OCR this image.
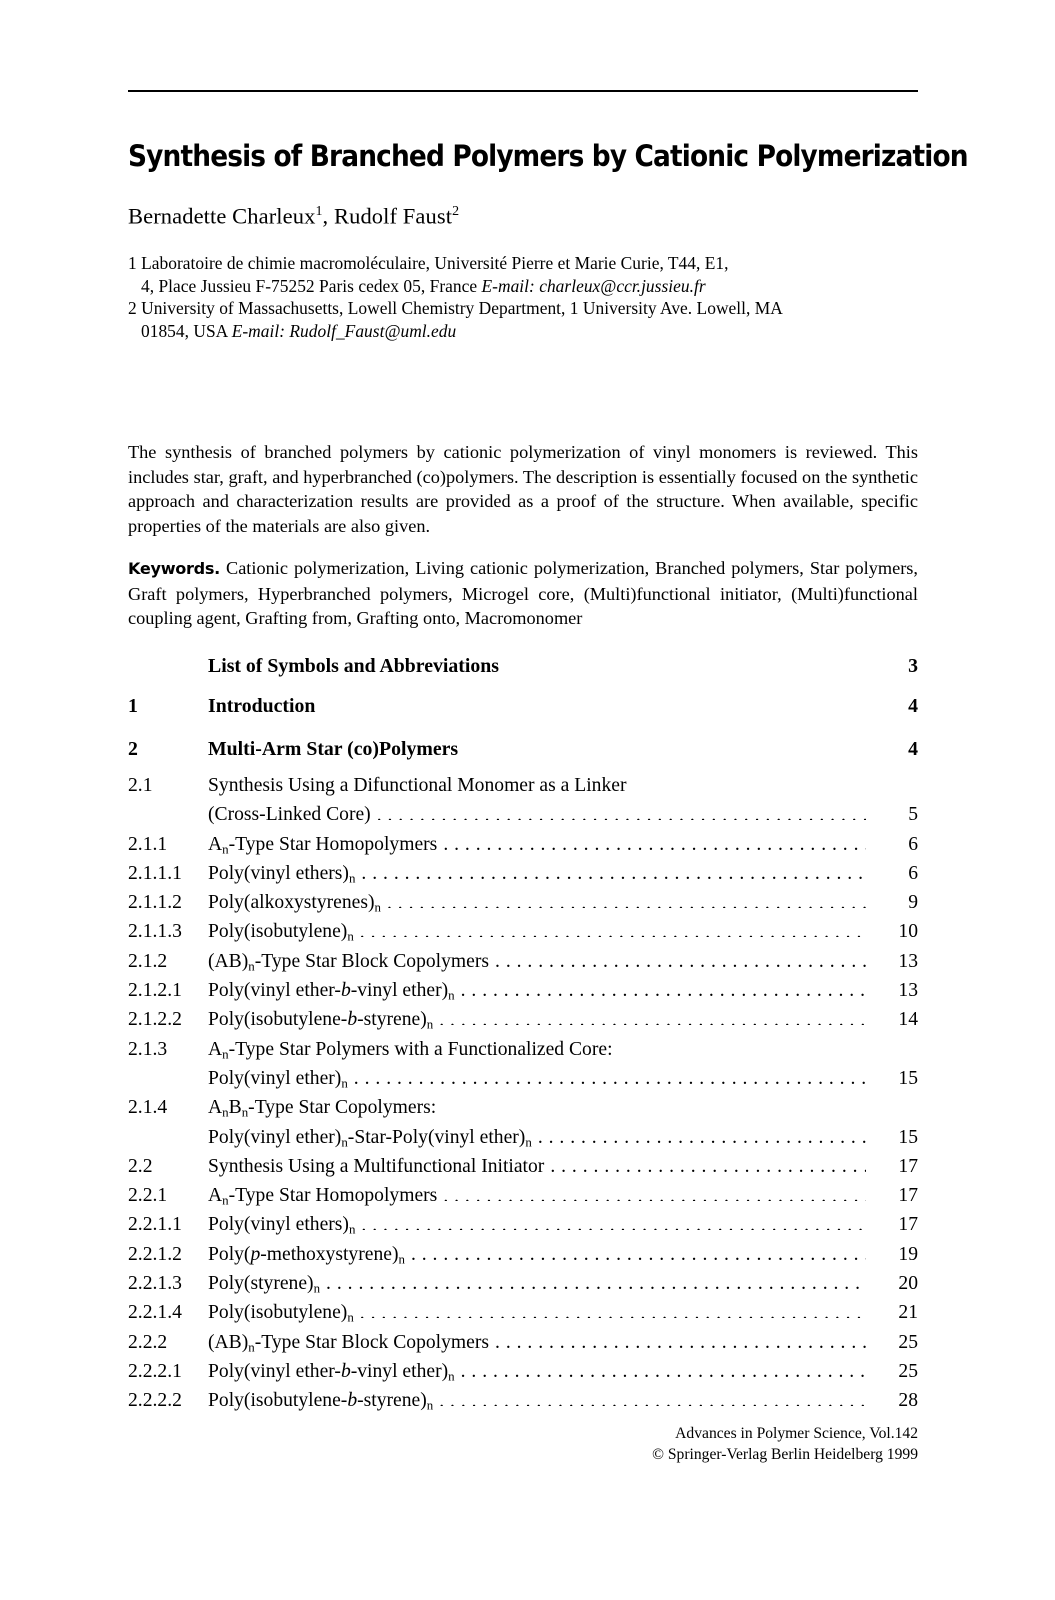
Synthesis of Branched Polymers by Cationic Polymerization
Bernadette Charleux$^1$, Rudolf Faust$^2$
1 Laboratoire de chimie macromoléculaire, Université Pierre et Marie Curie, T44, E1,
4, Place Jussieu F-75252 Paris cedex 05, France E-mail: charleux@ccr.jussieu.fr
2 University of Massachusetts, Lowell Chemistry Department, 1 University Ave. Lowell, MA
01854, USA E-mail: Rudolf_Faust@uml.edu
The synthesis of branched polymers by cationic polymerization of vinyl monomers is reviewed. This includes star, graft, and hyperbranched (co)polymers. The description is essentially focused on the synthetic approach and characterization results are provided as a proof of the structure. When available, specific properties of the materials are also given.
Keywords. Cationic polymerization, Living cationic polymerization, Branched polymers, Star polymers, Graft polymers, Hyperbranched polymers, Microgel core, (Multi)functional initiator, (Multi)functional coupling agent, Grafting from, Grafting onto, Macromonomer
List of Symbols and Abbreviations . . .	3
1	Introduction . . .	4
2	Multi-Arm Star (co)Polymers . . .	4
2.1	Synthesis Using a Difunctional Monomer as a Linker
(Cross-Linked Core) . . .	5
2.1.1	$A_n$-Type Star Homopolymers . . .	6
2.1.1.1	Poly(vinyl $ethers)_n$ . . .	6
2.1.1.2	$Poly(alkoxystyrenes)_n$ . . .	9
2.1.1.3	$Poly(isobutylene)_n$ . . .	10
2.1.2	$(AB)_n$-Type Star Block Copolymers . . .	13
2.1.2.1	Poly(vinyl ether-b-vinyl $ether)_n$ . . .	13
2.1.2.2	$Poly(isobutylene-b-styrene)_n$ . . .	14
2.1.3	$A_n$-Type Star Polymers with a Functionalized Core:
Poly(vinyl $ether)_n$ . . .	15
2.1.4	$A_nB_n$-Type Star Copolymers:
Poly(vinyl $ether)_n-Star-Poly(vinyl$ $ether)_n$ . . .	15
2.2	Synthesis Using a Multifunctional Initiator . . .	17
2.2.1	$A_n$-Type Star Homopolymers . . .	17
2.2.1.1	Poly(vinyl $ethers)_n$ . . .	17
2.2.1.2	$Poly(p-methoxystyrene)_n$ . . .	19
2.2.1.3	$Poly(styrene)_n$ . . .	20
2.2.1.4	$Poly(isobutylene)_n$ . . .	21
2.2.2	$(AB)_n$-Type Star Block Copolymers . . .	25
2.2.2.1	Poly(vinyl ether-b-vinyl $ether)_n$ . . .	25
2.2.2.2	$Poly(isobutylene-b-styrene)_n$ . . .	28
Advances in Polymer Science, Vol.142
© Springer-Verlag Berlin Heidelberg 1999
